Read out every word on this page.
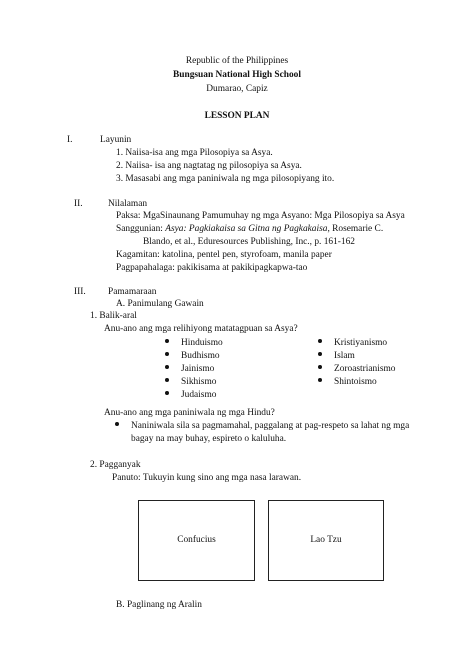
Republic of the Philippines
Bungsuan National High School
Dumarao, Capiz
LESSON PLAN
I.	Layunin
1. Naiisa-isa ang mga Pilosopiya sa Asya.
2. Naiisa- isa ang nagtatag ng pilosopiya sa Asya.
3. Masasabi ang mga paniniwala ng mga pilosopiyang ito.
II.	Nilalaman
Paksa: MgaSinaunang Pamumuhay ng mga Asyano: Mga Pilosopiya sa Asya
Sanggunian: Asya: Pagkiakaisa sa Gitna ng Pagkakaisa, Rosemarie C.
Blando, et al., Eduresources Publishing, Inc., p. 161-162
Kagamitan: katolina, pentel pen, styrofoam, manila paper
Pagpapahalaga: pakikisama at pakikipagkapwa-tao
III. Pamamaraan
A. Panimulang Gawain
1. Balik-aral
Anu-ano ang mga relihiyong matatagpuan sa Asya?
Hinduismo
Budhismo
Jainismo
Sikhismo
Judaismo
Kristiyanismo
Islam
Zoroastrianismo
Shintoismo
Anu-ano ang mga paniniwala ng mga Hindu?
Naniniwala sila sa pagmamahal, paggalang at pag-respeto sa lahat ng mga
bagay na may buhay, espireto o kaluluha.
2. Pagganyak
Panuto: Tukuyin kung sino ang mga nasa larawan.
Confucius	Lao Tzu
B. Paglinang ng Aralin
